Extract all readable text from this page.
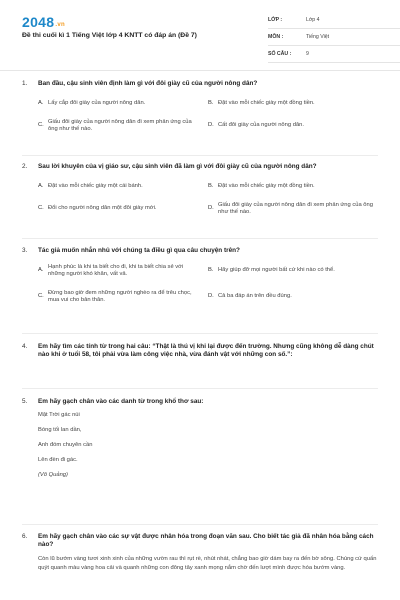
2048.vn
Đề thi cuối kì 1 Tiếng Việt lớp 4 KNTT có đáp án (Đề 7)
LỚP :	Lớp 4
MÔN :	Tiếng Việt
SỐ CÂU :	9
1.	Ban đầu, cậu sinh viên định làm gì với đôi giày cũ của người nông dân?
A. Lấy cắp đôi giày của người nông dân.	B. Đặt vào mỗi chiếc giày một đồng tiền.
C.
Giấu đôi giày của người nông dân đi xem phản ứng của ông như thế nào.
D. Cất đôi giày của người nông dân.
2.	Sau lời khuyên của vị giáo sư, cậu sinh viên đã làm gì với đôi giày cũ của người nông dân?
A. Đặt vào mỗi chiếc giày một cái bánh.	B. Đặt vào mỗi chiếc giày một đồng tiền.
C. Đổi cho người nông dân một đôi giày mới.	D.
Giấu đôi giày của người nông dân đi xem phản ứng của ông như thế nào.
3.	Tác giả muốn nhắn nhủ với chúng ta điều gì qua câu chuyện trên?
A.
Hạnh phúc là khi ta biết cho đi, khi ta biết chia sẻ với những người khó khăn, vất vả.
B. Hãy giúp đỡ mọi người bất cứ khi nào có thể.
C.
Đừng bao giờ đem những người nghèo ra để trêu chọc, mua vui cho bản thân.
D. Cả ba đáp án trên đều đúng.
4.	Em hãy tìm các tính từ trong hai câu: “Thật là thú vị khi lại được đến trường. Nhưng cũng không dễ dàng chút nào khi ở tuổi 58, tôi phải vừa làm công việc nhà, vừa đánh vật với những con số.”:
5.	Em hãy gạch chân vào các danh từ trong khổ thơ sau:
Mặt Trời gác núi
Bóng tối lan dần,
Anh đóm chuyên cần
Lên đèn đi gác.
(Võ Quảng)
6.	Em hãy gạch chân vào các sự vật được nhân hóa trong đoạn văn sau. Cho biết tác giả đã nhân hóa bằng cách nào?
Còn lũ bướm vàng tươi xinh xinh của những vườn rau thì rụt rè, nhút nhát, chẳng bao giờ dám bay ra đến bờ sông. Chúng cứ quấn quýt quanh màu vàng hoa cải và quanh những con đông tây xanh mọng nắm chờ đến lượt mình được hóa bướm vàng.
